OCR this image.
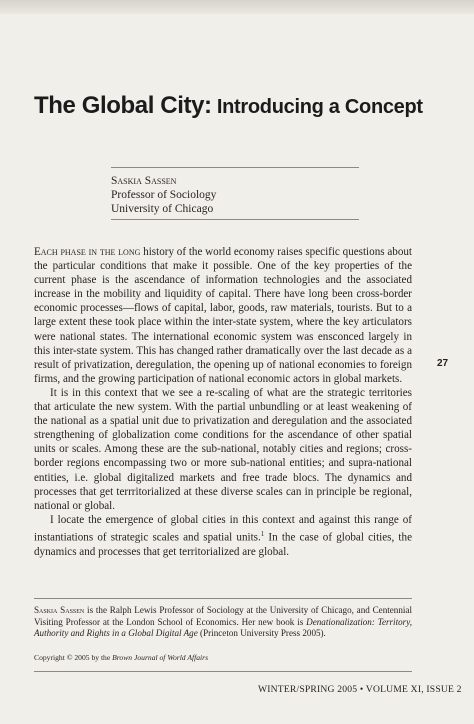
The Global City: Introducing a Concept
Saskia Sassen
Professor of Sociology
University of Chicago

Each phase in the long history of the world economy raises specific questions about the particular conditions that make it possible. One of the key properties of the current phase is the ascendance of information technologies and the associated increase in the mobility and liquidity of capital. There have long been cross-border economic processes—flows of capital, labor, goods, raw materials, tourists. But to a large extent these took place within the inter-state system, where the key articulators were national states. The international economic system was ensconced largely in this inter-state system. This has changed rather dramatically over the last decade as a result of privatization, deregulation, the opening up of national economies to foreign firms, and the growing participation of national economic actors in global markets.

It is in this context that we see a re-scaling of what are the strategic territories that articulate the new system. With the partial unbundling or at least weakening of the national as a spatial unit due to privatization and deregulation and the associated strengthening of globalization come conditions for the ascendance of other spatial units or scales. Among these are the sub-national, notably cities and regions; cross-border regions encompassing two or more sub-national entities; and supra-national entities, i.e. global digitalized markets and free trade blocs. The dynamics and processes that get terrritorialized at these diverse scales can in principle be regional, national or global.

I locate the emergence of global cities in this context and against this range of instantiations of strategic scales and spatial units.$^1$ In the case of global cities, the dynamics and processes that get territorialized are global.

27
Saskia Sassen is the Ralph Lewis Professor of Sociology at the University of Chicago, and Centennial Visiting Professor at the London School of Economics. Her new book is Denationalization: Territory, Authority and Rights in a Global Digital Age (Princeton University Press 2005).
Copyright © 2005 by the Brown Journal of World Affairs
WINTER/SPRING 2005 • VOLUME XI, ISSUE 2
